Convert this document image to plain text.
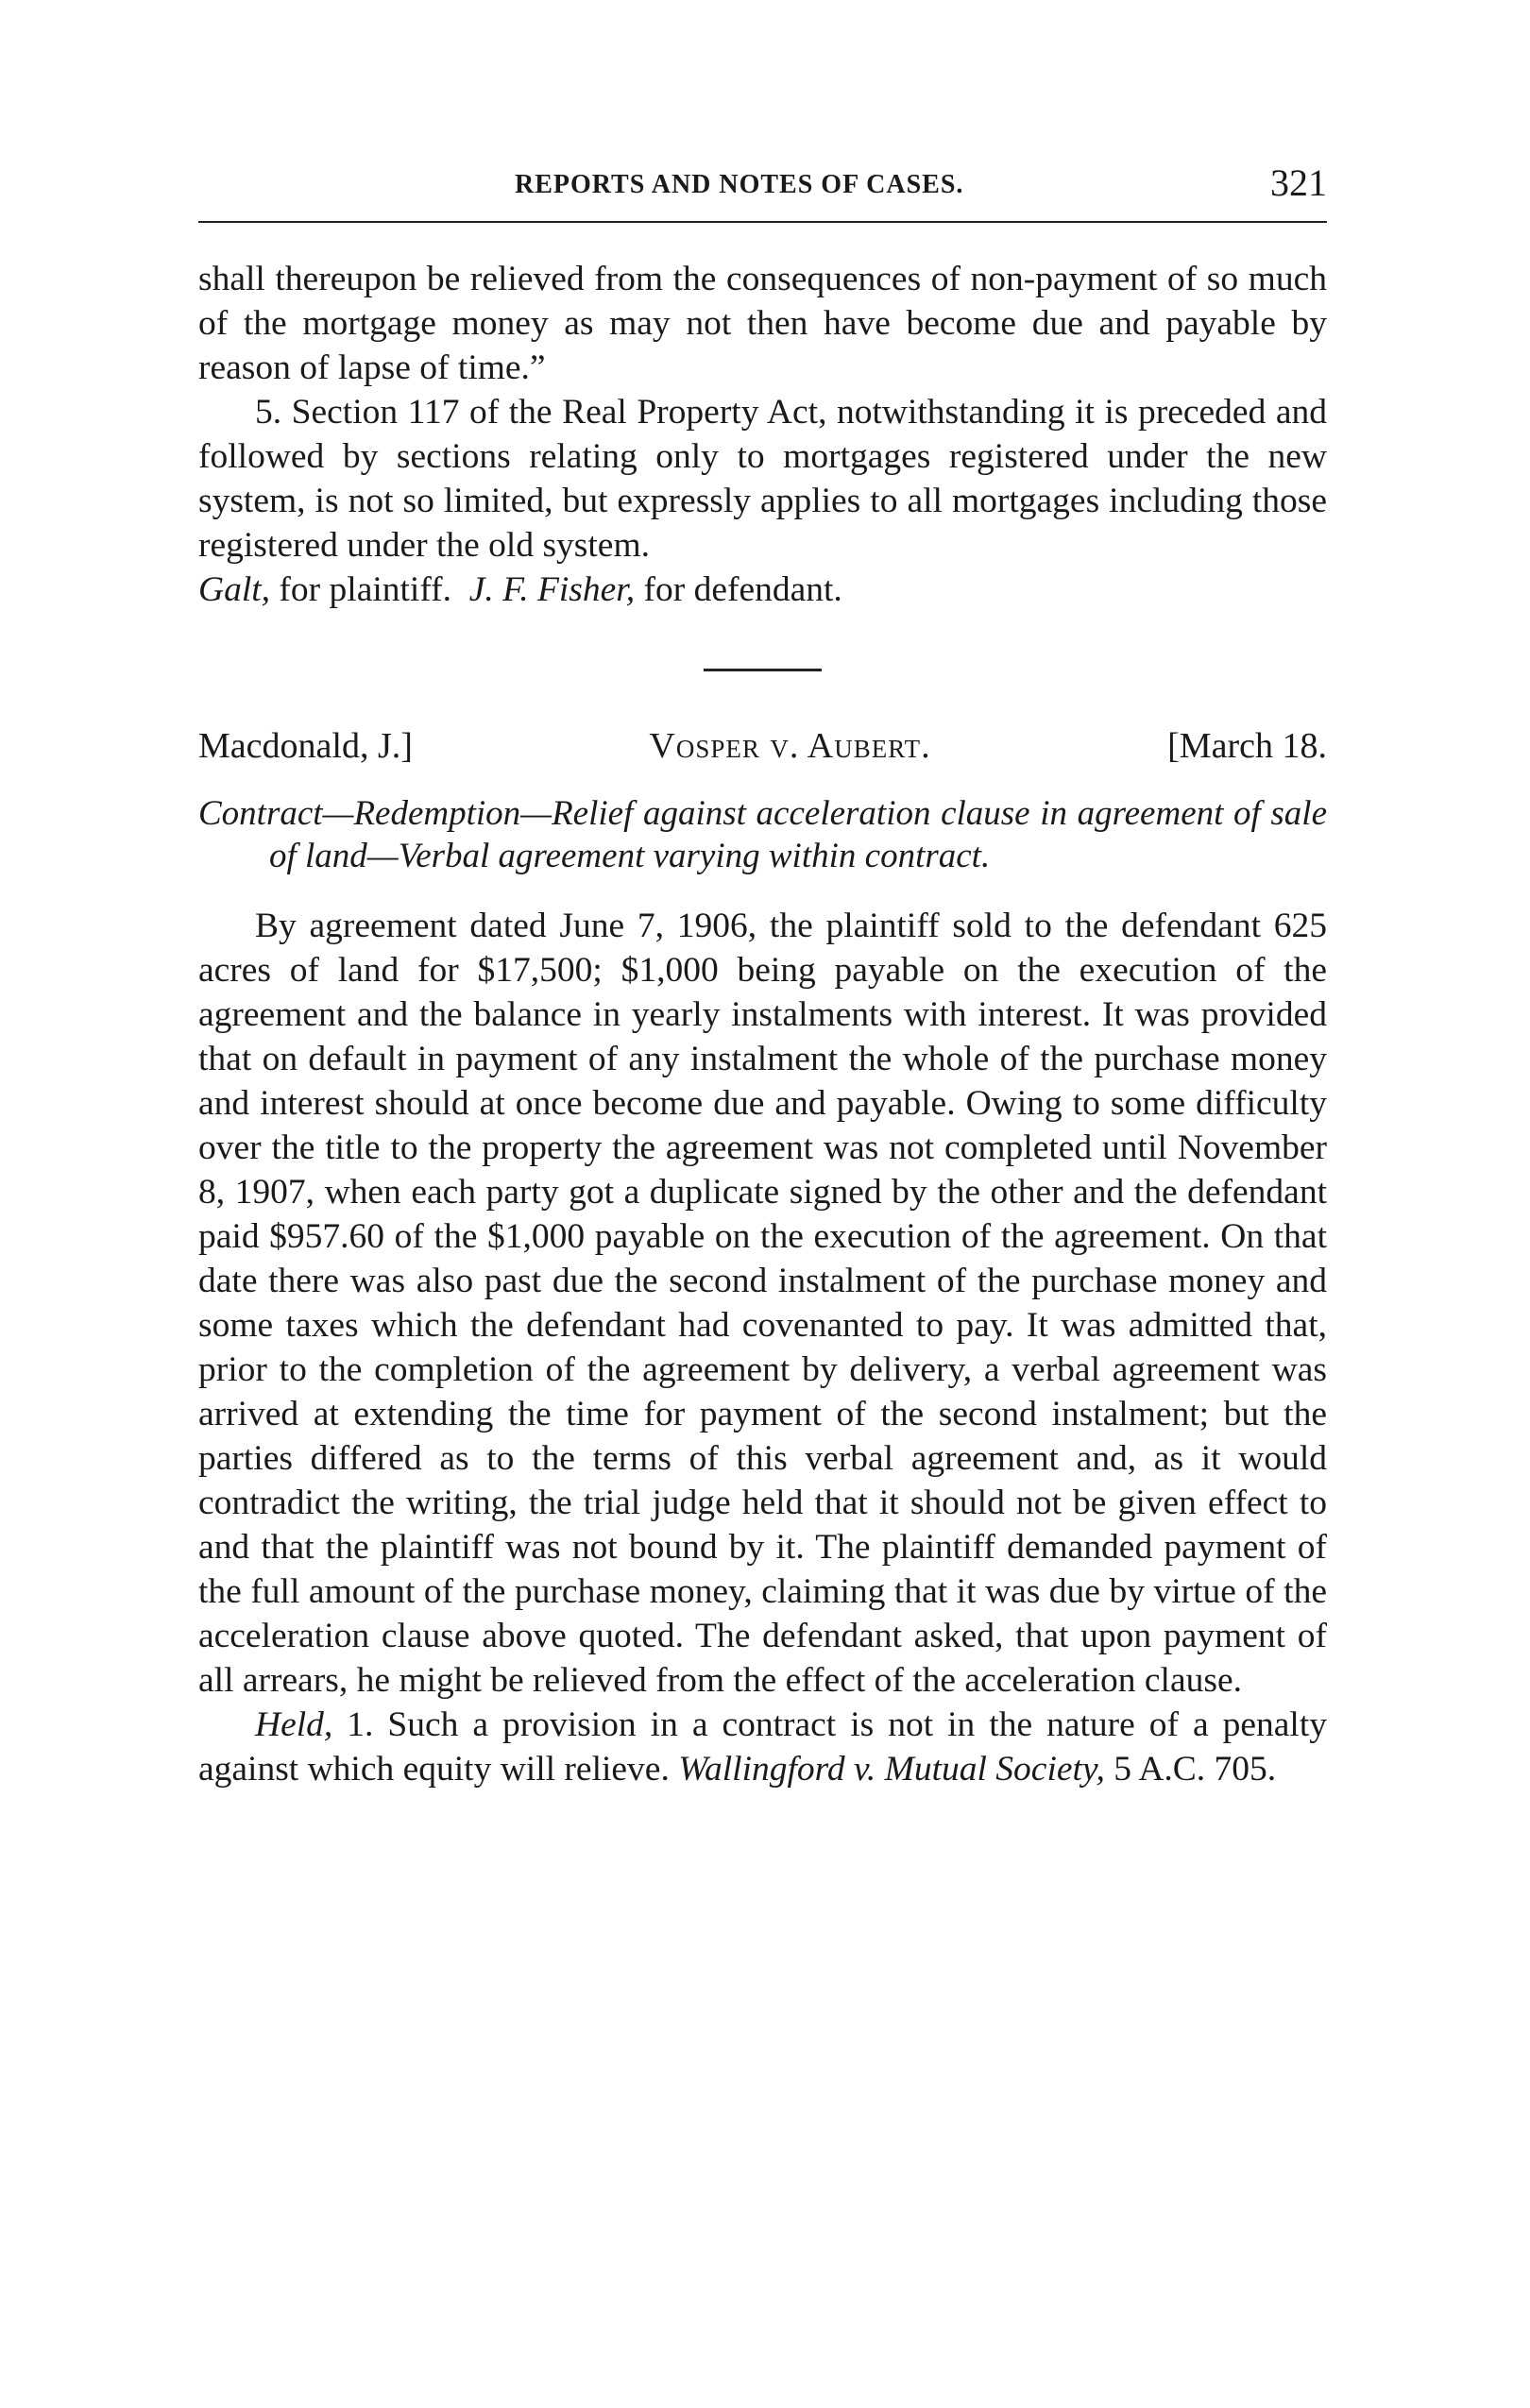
REPORTS AND NOTES OF CASES.	321

shall thereupon be relieved from the consequences of non-payment of so much of the mortgage money as may not then have become due and payable by reason of lapse of time.”

5. Section 117 of the Real Property Act, notwithstanding it is preceded and followed by sections relating only to mortgages registered under the new system, is not so limited, but expressly applies to all mortgages including those registered under the old system.

Galt, for plaintiff. J. F. Fisher, for defendant.

Macdonald, J.]	Vosper v. Aubert.	[March 18.
Contract—Redemption—Relief against acceleration clause in agreement of sale of land—Verbal agreement varying within contract.

By agreement dated June 7, 1906, the plaintiff sold to the defendant 625 acres of land for $17,500; $1,000 being payable on the execution of the agreement and the balance in yearly instalments with interest. It was provided that on default in payment of any instalment the whole of the purchase money and interest should at once become due and payable. Owing to some difficulty over the title to the property the agreement was not completed until November 8, 1907, when each party got a duplicate signed by the other and the defendant paid $957.60 of the $1,000 payable on the execution of the agreement. On that date there was also past due the second instalment of the purchase money and some taxes which the defendant had covenanted to pay. It was admitted that, prior to the completion of the agreement by delivery, a verbal agreement was arrived at extending the time for payment of the second instalment; but the parties differed as to the terms of this verbal agreement and, as it would contradict the writing, the trial judge held that it should not be given effect to and that the plaintiff was not bound by it. The plaintiff demanded payment of the full amount of the purchase money, claiming that it was due by virtue of the acceleration clause above quoted. The defendant asked, that upon payment of all arrears, he might be relieved from the effect of the acceleration clause.

Held, 1. Such a provision in a contract is not in the nature of a penalty against which equity will relieve. Wallingford v. Mutual Society, 5 A.C. 705.
